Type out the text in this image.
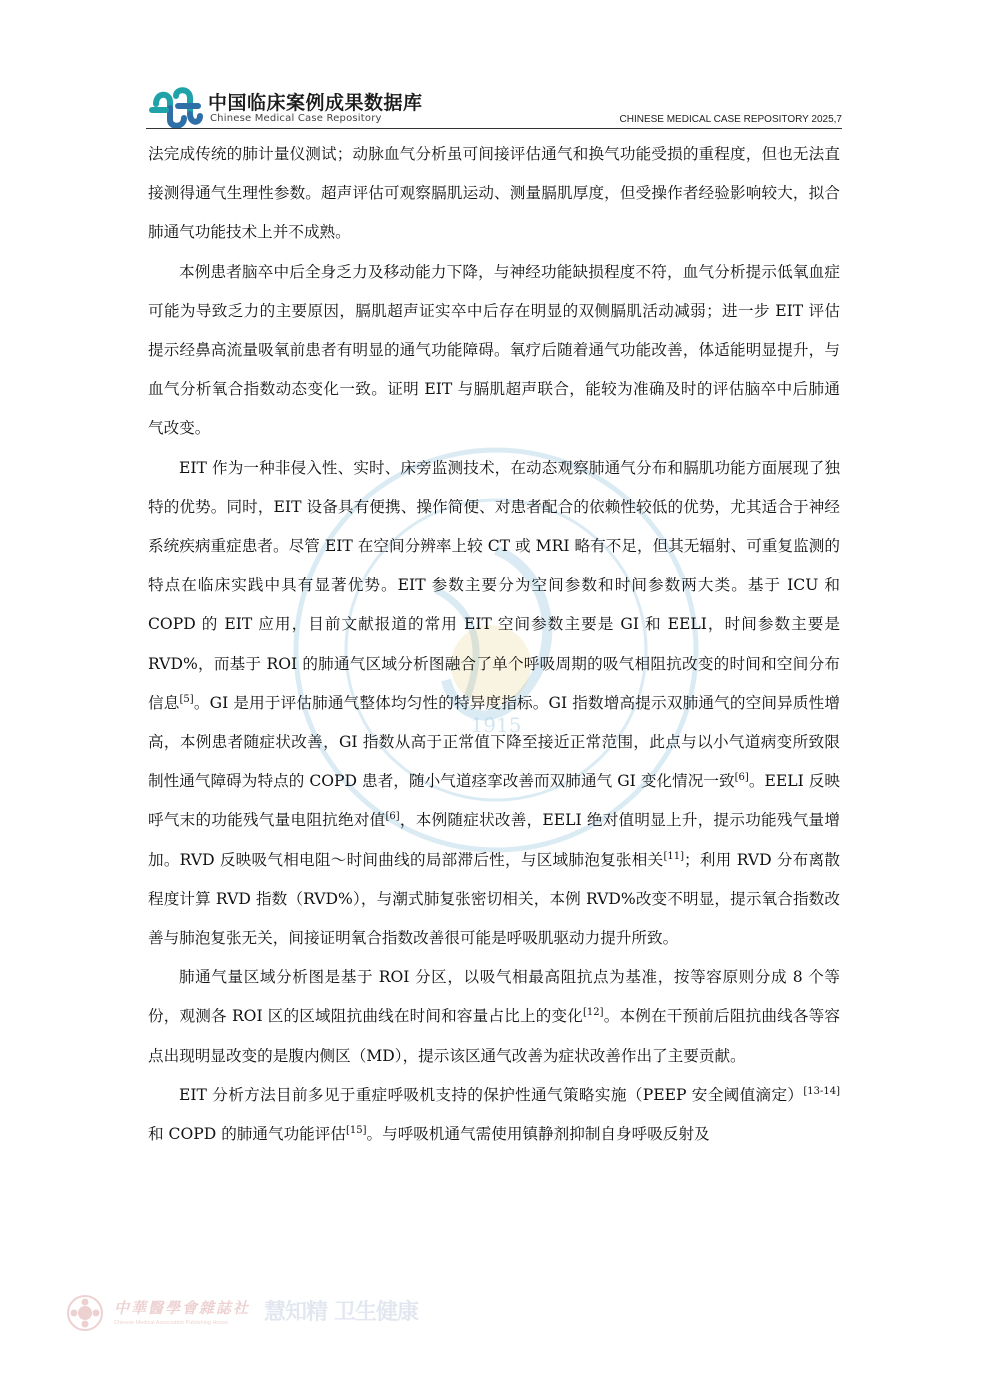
中国临床案例成果数据库
Chinese Medical Case Repository	CHINESE MEDICAL CASE REPOSITORY 2025,7
1915

法完成传统的肺计量仪测试；动脉血气分析虽可间接评估通气和换气功能受损的重程度，但也无法直接测得通气生理性参数。超声评估可观察膈肌运动、测量膈肌厚度，但受操作者经验影响较大，拟合肺通气功能技术上并不成熟。

本例患者脑卒中后全身乏力及移动能力下降，与神经功能缺损程度不符，血气分析提示低氧血症可能为导致乏力的主要原因，膈肌超声证实卒中后存在明显的双侧膈肌活动减弱；进一步 EIT 评估提示经鼻高流量吸氧前患者有明显的通气功能障碍。氧疗后随着通气功能改善，体适能明显提升，与血气分析氧合指数动态变化一致。证明 EIT 与膈肌超声联合，能较为准确及时的评估脑卒中后肺通气改变。

EIT 作为一种非侵入性、实时、床旁监测技术，在动态观察肺通气分布和膈肌功能方面展现了独特的优势。同时，EIT 设备具有便携、操作简便、对患者配合的依赖性较低的优势，尤其适合于神经系统疾病重症患者。尽管 EIT 在空间分辨率上较 CT 或 MRI 略有不足，但其无辐射、可重复监测的特点在临床实践中具有显著优势。EIT 参数主要分为空间参数和时间参数两大类。基于 ICU 和 COPD 的 EIT 应用，目前文献报道的常用 EIT 空间参数主要是 GI 和 EELI，时间参数主要是 RVD%，而基于 ROI 的肺通气区域分析图融合了单个呼吸周期的吸气相阻抗改变的时间和空间分布信息[5]。GI 是用于评估肺通气整体均匀性的特异度指标。GI 指数增高提示双肺通气的空间异质性增高，本例患者随症状改善，GI 指数从高于正常值下降至接近正常范围，此点与以小气道病变所致限制性通气障碍为特点的 COPD 患者，随小气道痉挛改善而双肺通气 GI 变化情况一致[6]。EELI 反映呼气末的功能残气量电阻抗绝对值[6]，本例随症状改善，EELI 绝对值明显上升，提示功能残气量增加。RVD 反映吸气相电阻～时间曲线的局部滞后性，与区域肺泡复张相关[11]；利用 RVD 分布离散程度计算 RVD 指数（RVD%），与潮式肺复张密切相关，本例 RVD%改变不明显，提示氧合指数改善与肺泡复张无关，间接证明氧合指数改善很可能是呼吸肌驱动力提升所致。

肺通气量区域分析图是基于 ROI 分区，以吸气相最高阻抗点为基准，按等容原则分成 8 个等份，观测各 ROI 区的区域阻抗曲线在时间和容量占比上的变化[12]。本例在干预前后阻抗曲线各等容点出现明显改变的是腹内侧区（MD），提示该区通气改善为症状改善作出了主要贡献。

EIT 分析方法目前多见于重症呼吸机支持的保护性通气策略实施（PEEP 安全阈值滴定）[13-14]和 COPD 的肺通气功能评估[15]。与呼吸机通气需使用镇静剂抑制自身呼吸反射及

中華醫學會雜誌社
Chinese Medical Association Publishing House 慧知精 卫生健康
